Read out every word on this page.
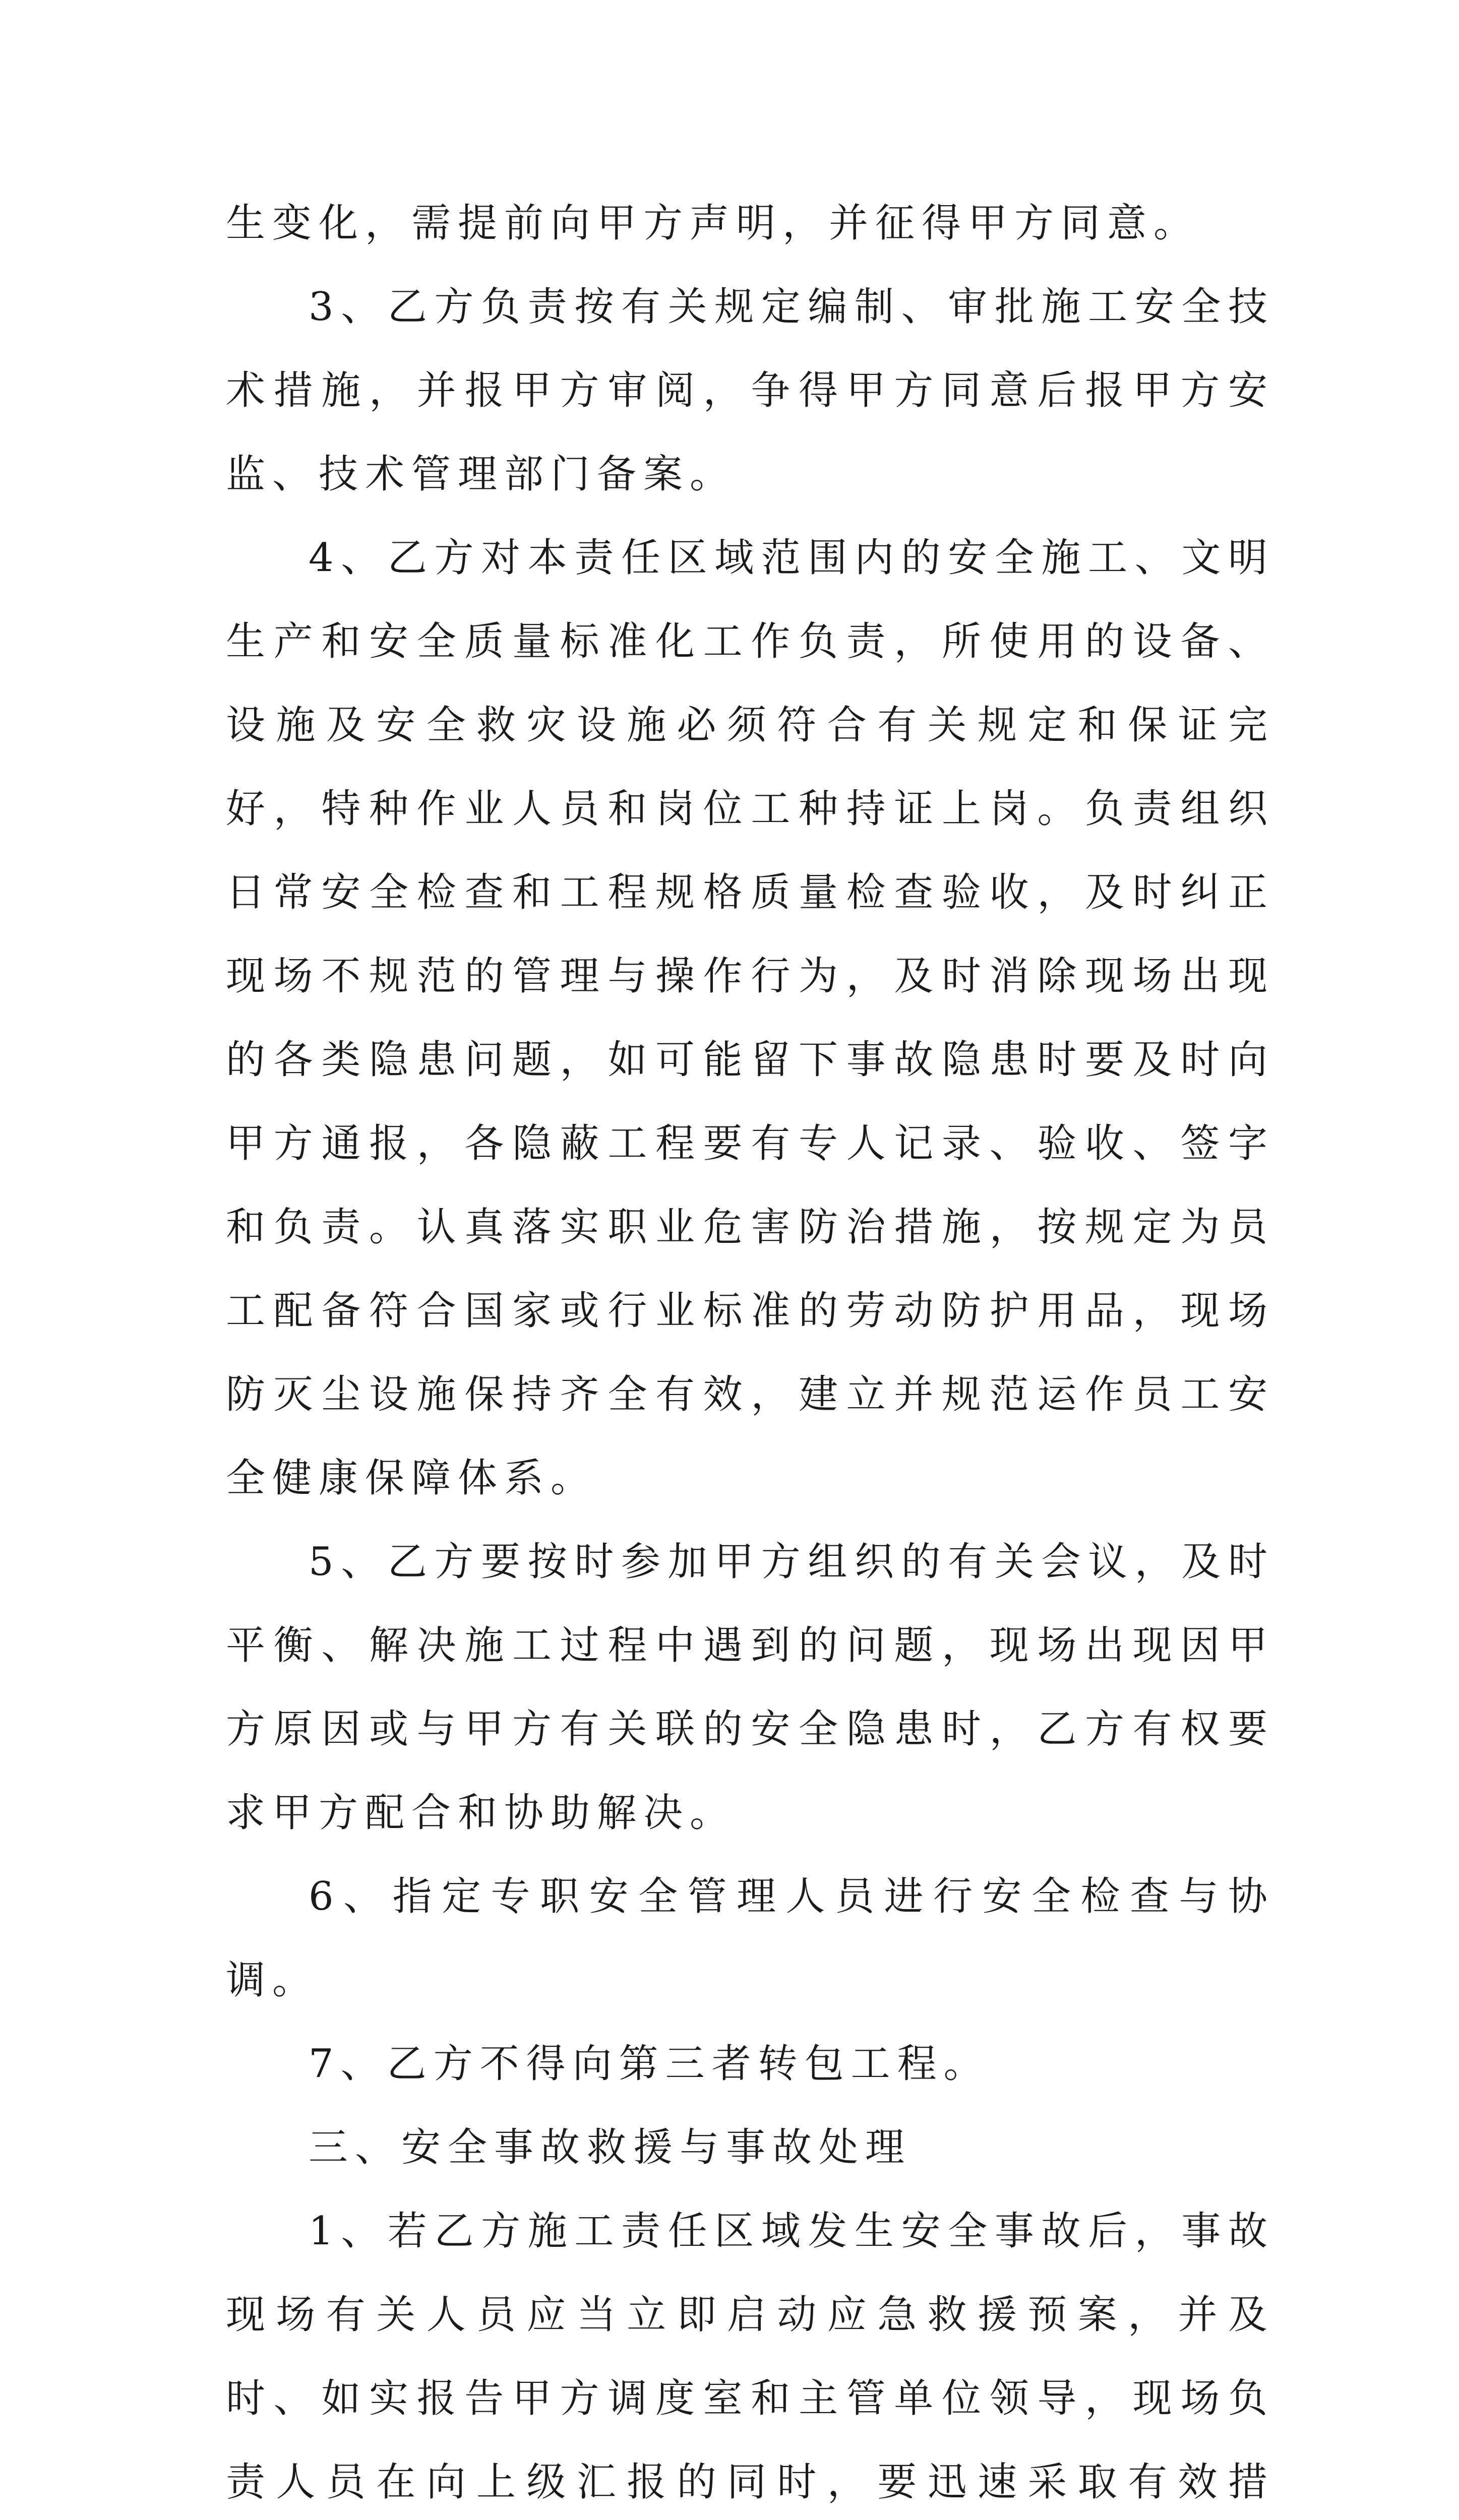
生变化，需提前向甲方声明，并征得甲方同意。

3、乙方负责按有关规定编制、审批施工安全技术措施，并报甲方审阅，争得甲方同意后报甲方安监、技术管理部门备案。

4、乙方对本责任区域范围内的安全施工、文明生产和安全质量标准化工作负责，所使用的设备、设施及安全救灾设施必须符合有关规定和保证完好，特种作业人员和岗位工种持证上岗。负责组织日常安全检查和工程规格质量检查验收，及时纠正现场不规范的管理与操作行为，及时消除现场出现的各类隐患问题，如可能留下事故隐患时要及时向甲方通报，各隐蔽工程要有专人记录、验收、签字和负责。认真落实职业危害防治措施，按规定为员工配备符合国家或行业标准的劳动防护用品，现场防灭尘设施保持齐全有效，建立并规范运作员工安全健康保障体系。

5、乙方要按时参加甲方组织的有关会议，及时平衡、解决施工过程中遇到的问题，现场出现因甲方原因或与甲方有关联的安全隐患时，乙方有权要求甲方配合和协助解决。

6、指定专职安全管理人员进行安全检查与协调。

7、乙方不得向第三者转包工程。

三、安全事故救援与事故处理

1、若乙方施工责任区域发生安全事故后，事故现场有关人员应当立即启动应急救援预案，并及时、如实报告甲方调度室和主管单位领导，现场负责人员在向上级汇报的同时，要迅速采取有效措
